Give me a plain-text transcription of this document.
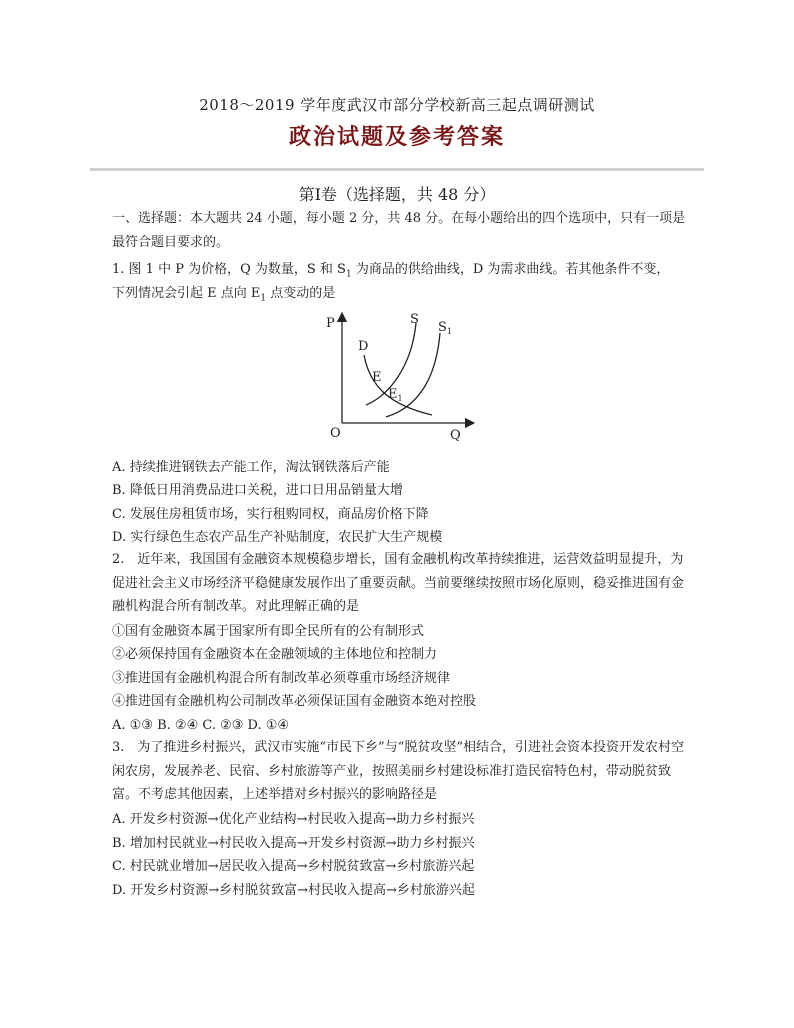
2018～2019 学年度武汉市部分学校新高三起点调研测试
政治试题及参考答案
第Ⅰ卷（选择题，共 48 分）
一、选择题：本大题共 24 小题，每小题 2 分，共 48 分。在每小题给出的四个选项中，只有一项是最符合题目要求的。
1. 图 1 中 P 为价格，Q 为数量，S 和 $S_1$ 为商品的供给曲线，D 为需求曲线。若其他条件不变，
下列情况会引起 E 点向 $E_1$ 点变动的是
P
Q
O
S
$S_1$
D
E
$E_1$
A. 持续推进钢铁去产能工作，淘汰钢铁落后产能
B. 降低日用消费品进口关税，进口日用品销量大增
C. 发展住房租赁市场，实行租购同权，商品房价格下降
D. 实行绿色生态农产品生产补贴制度，农民扩大生产规模
2.　近年来，我国国有金融资本规模稳步增长，国有金融机构改革持续推进，运营效益明显提升，为促进社会主义市场经济平稳健康发展作出了重要贡献。当前要继续按照市场化原则，稳妥推进国有金融机构混合所有制改革。对此理解正确的是
①国有金融资本属于国家所有即全民所有的公有制形式
②必须保持国有金融资本在金融领域的主体地位和控制力
③推进国有金融机构混合所有制改革必须尊重市场经济规律
④推进国有金融机构公司制改革必须保证国有金融资本绝对控股
A. ①③ B. ②④ C. ②③ D. ①④
3.　为了推进乡村振兴，武汉市实施“市民下乡”与“脱贫攻坚”相结合，引进社会资本投资开发农村空闲农房，发展养老、民宿、乡村旅游等产业，按照美丽乡村建设标准打造民宿特色村，带动脱贫致富。不考虑其他因素，上述举措对乡村振兴的影响路径是
A. 开发乡村资源→优化产业结构→村民收入提高→助力乡村振兴
B. 增加村民就业→村民收入提高→开发乡村资源→助力乡村振兴
C. 村民就业增加→居民收入提高→乡村脱贫致富→乡村旅游兴起
D. 开发乡村资源→乡村脱贫致富→村民收入提高→乡村旅游兴起
